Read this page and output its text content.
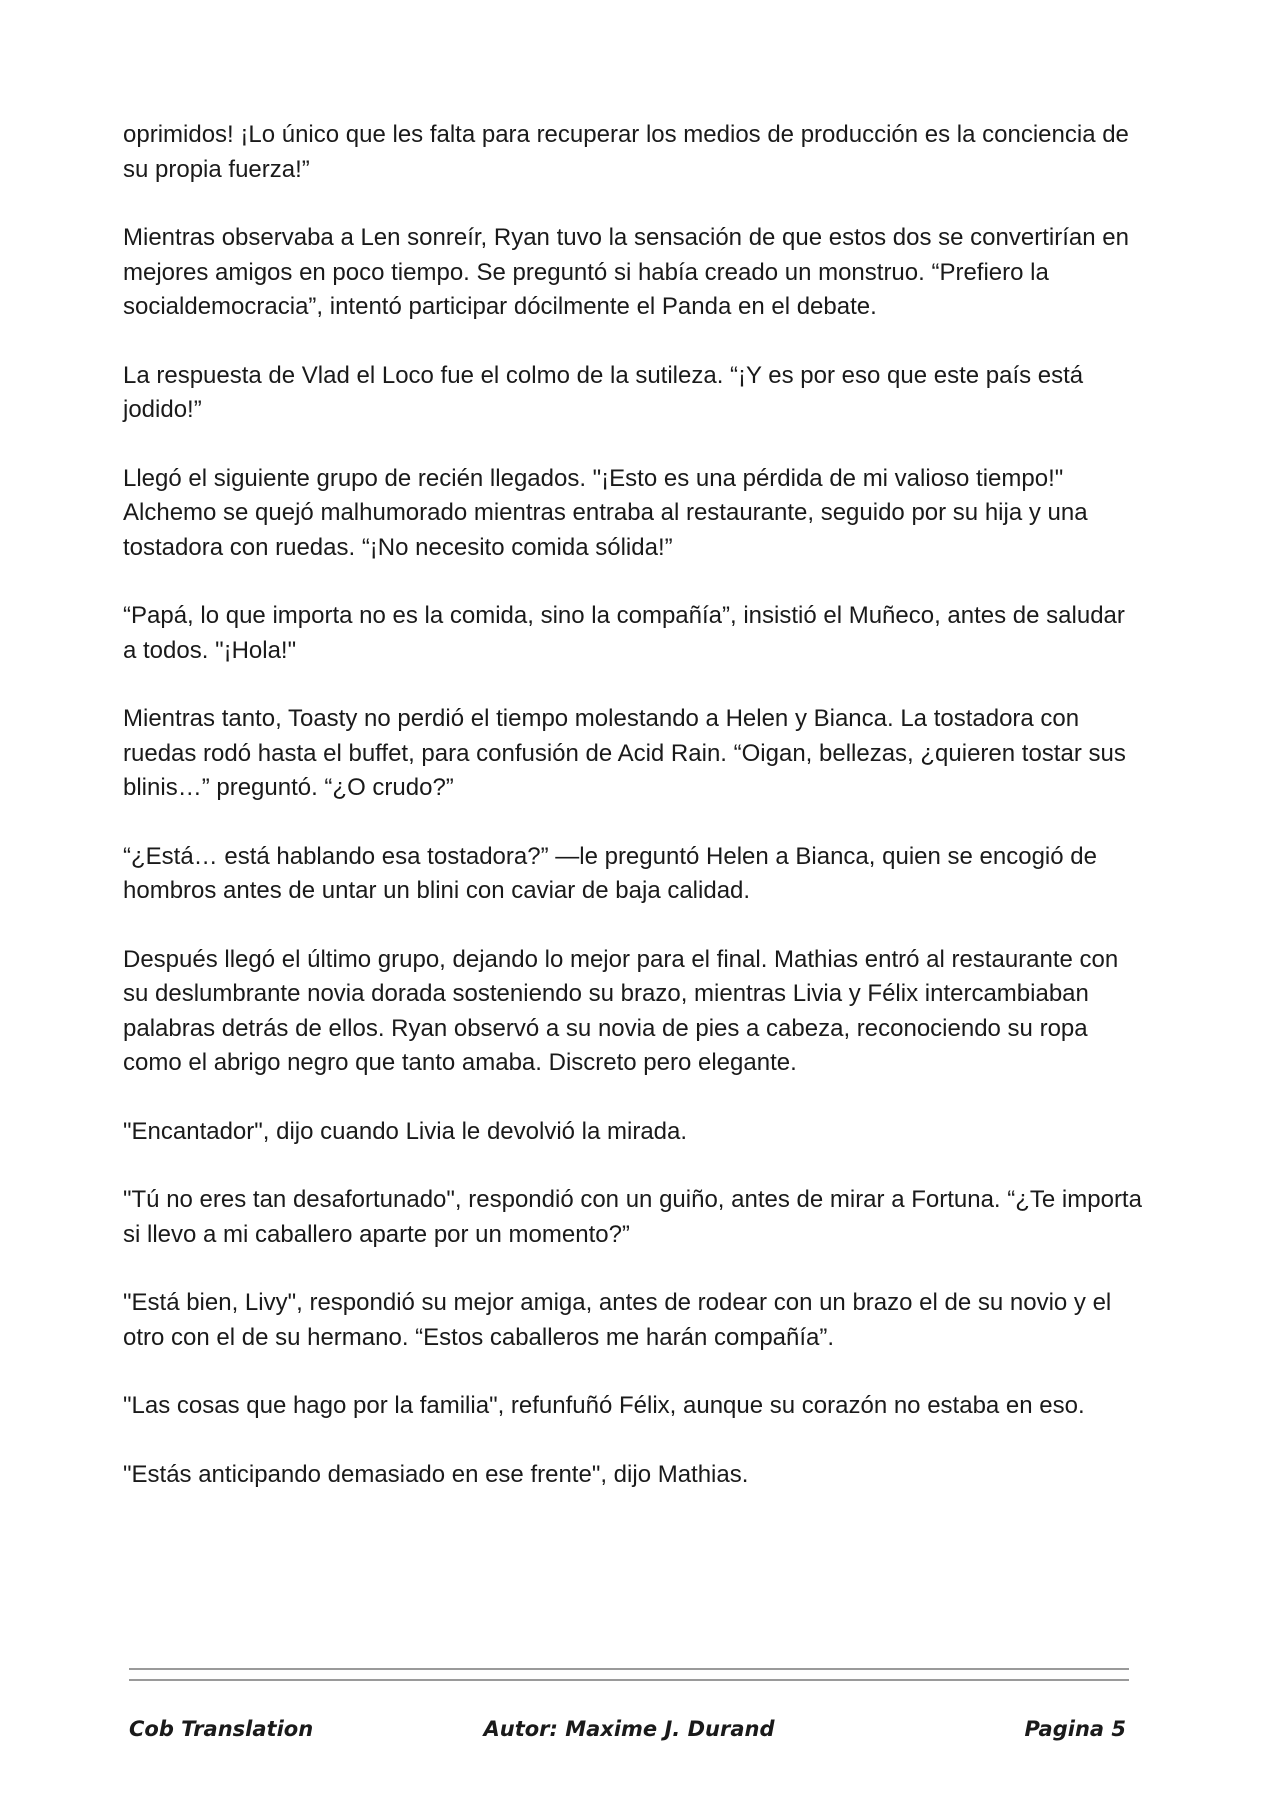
oprimidos! ¡Lo único que les falta para recuperar los medios de producción es la conciencia de su propia fuerza!”

Mientras observaba a Len sonreír, Ryan tuvo la sensación de que estos dos se convertirían en mejores amigos en poco tiempo. Se preguntó si había creado un monstruo. “Prefiero la socialdemocracia”, intentó participar dócilmente el Panda en el debate.

La respuesta de Vlad el Loco fue el colmo de la sutileza. “¡Y es por eso que este país está jodido!”

Llegó el siguiente grupo de recién llegados. "¡Esto es una pérdida de mi valioso tiempo!" Alchemo se quejó malhumorado mientras entraba al restaurante, seguido por su hija y una tostadora con ruedas. “¡No necesito comida sólida!”

“Papá, lo que importa no es la comida, sino la compañía”, insistió el Muñeco, antes de saludar a todos. "¡Hola!"

Mientras tanto, Toasty no perdió el tiempo molestando a Helen y Bianca. La tostadora con ruedas rodó hasta el buffet, para confusión de Acid Rain. “Oigan, bellezas, ¿quieren tostar sus blinis…” preguntó. “¿O crudo?”

“¿Está… está hablando esa tostadora?” —le preguntó Helen a Bianca, quien se encogió de hombros antes de untar un blini con caviar de baja calidad.

Después llegó el último grupo, dejando lo mejor para el final. Mathias entró al restaurante con su deslumbrante novia dorada sosteniendo su brazo, mientras Livia y Félix intercambiaban palabras detrás de ellos. Ryan observó a su novia de pies a cabeza, reconociendo su ropa como el abrigo negro que tanto amaba. Discreto pero elegante.

"Encantador", dijo cuando Livia le devolvió la mirada.

"Tú no eres tan desafortunado", respondió con un guiño, antes de mirar a Fortuna. “¿Te importa si llevo a mi caballero aparte por un momento?”

"Está bien, Livy", respondió su mejor amiga, antes de rodear con un brazo el de su novio y el otro con el de su hermano. “Estos caballeros me harán compañía”.

"Las cosas que hago por la familia", refunfuñó Félix, aunque su corazón no estaba en eso.

"Estás anticipando demasiado en ese frente", dijo Mathias.

Cob Translation	Autor: Maxime J. Durand	Pagina 5
